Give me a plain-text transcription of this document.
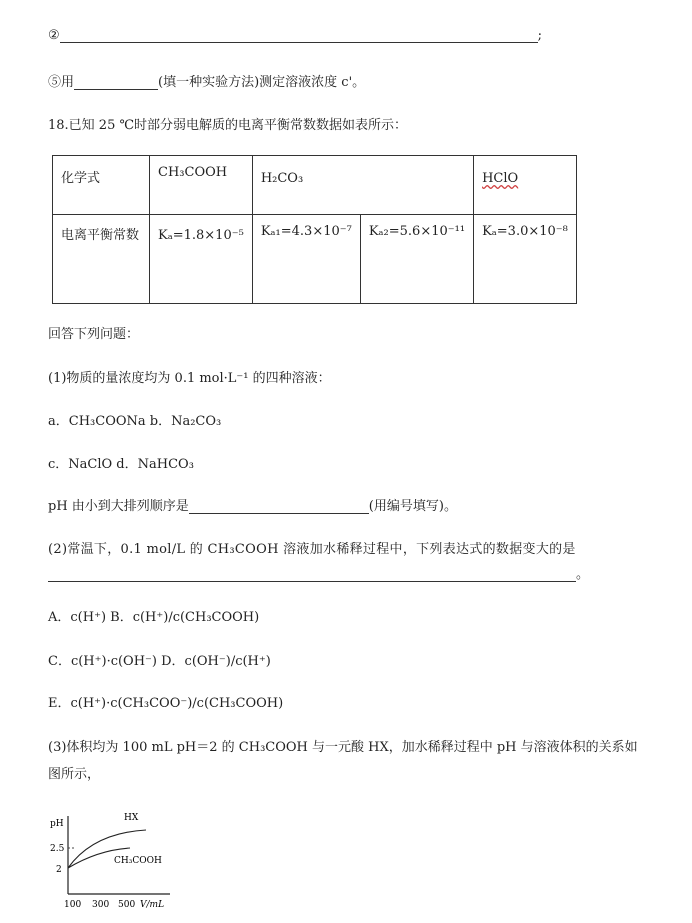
②	;
⑤用	(填一种实验方法)测定溶液浓度 c'。
18.已知 25 ℃时部分弱电解质的电离平衡常数数据如表所示：
化学式	CH₃COOH	H₂CO₃		HClO
电离平衡常数	Kₐ=1.8×10⁻⁵	Kₐ₁=4.3×10⁻⁷	Kₐ₂=5.6×10⁻¹¹	Kₐ=3.0×10⁻⁸
回答下列问题：
(1)物质的量浓度均为 0.1 mol·L⁻¹ 的四种溶液：
a．CH₃COONa b．Na₂CO₃
c．NaClO d．NaHCO₃
pH 由小到大排列顺序是	(用编号填写)。
(2)常温下，0.1 mol/L 的 CH₃COOH 溶液加水稀释过程中，下列表达式的数据变大的是
。
A．c(H⁺) B．c(H⁺)/c(CH₃COOH)
C．c(H⁺)·c(OH⁻) D．c(OH⁻)/c(H⁺)
E．c(H⁺)·c(CH₃COO⁻)/c(CH₃COOH)
(3)体积均为 100 mL pH＝2 的 CH₃COOH 与一元酸 HX，加水稀释过程中 pH 与溶液体积的关系如
图所示，
pH
2.5
2
HX
CH₃COOH
100 300 500 V/mL
